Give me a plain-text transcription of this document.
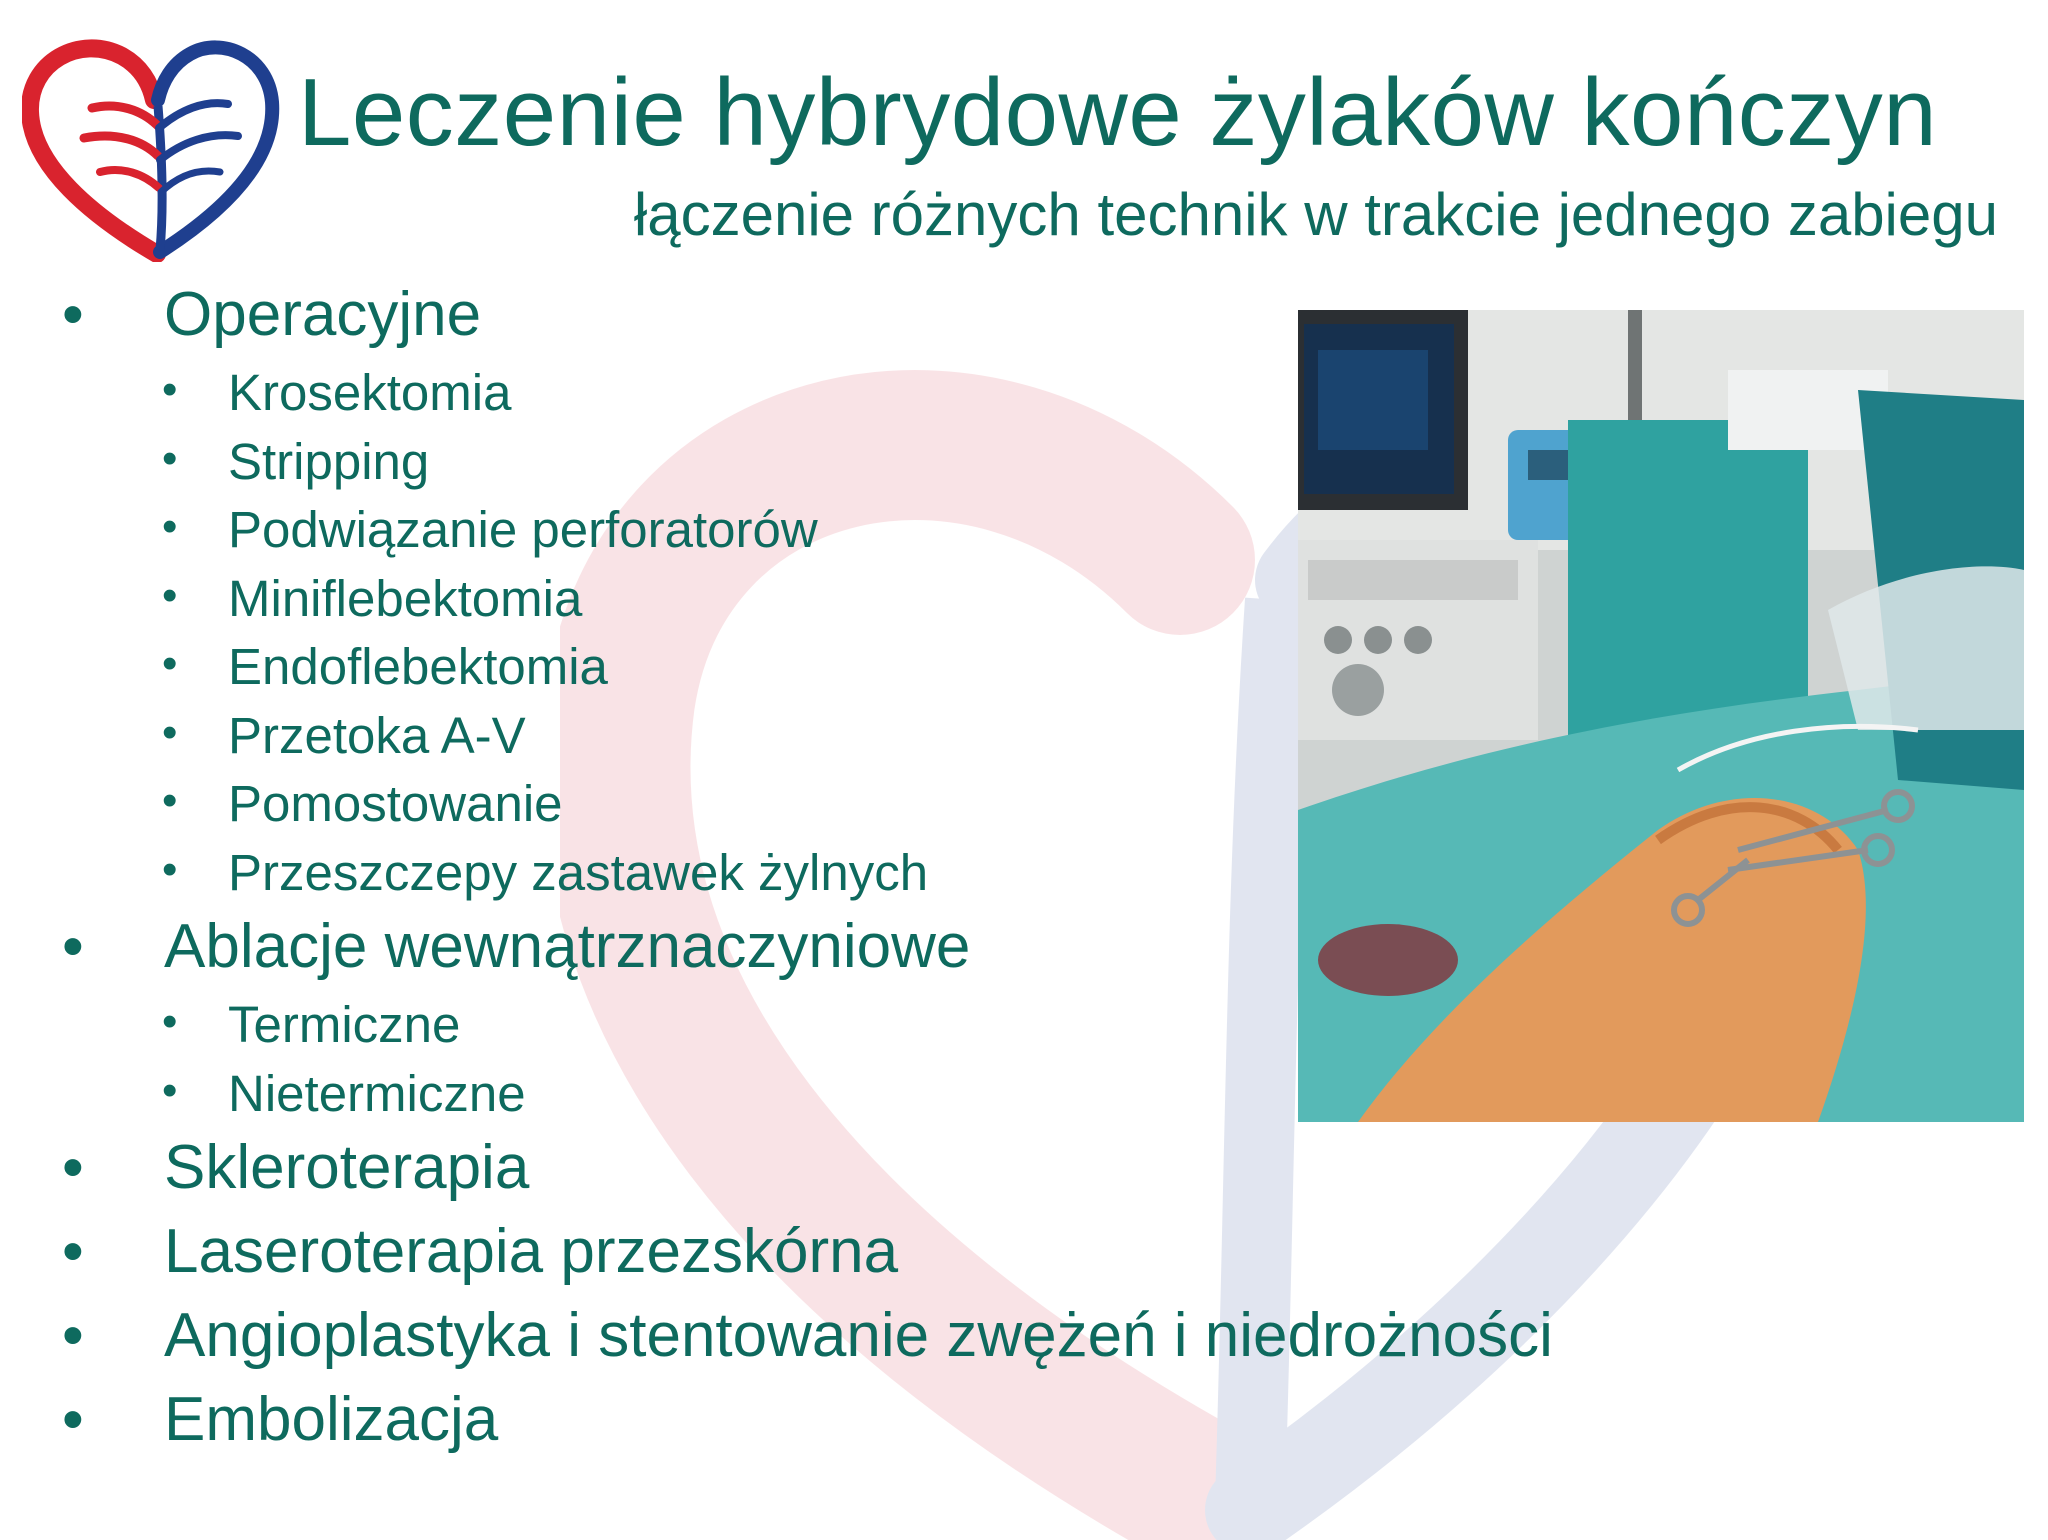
Leczenie hybrydowe żylaków kończyn
łączenie różnych technik w trakcie jednego zabiegu
• Operacyjne
• Krosektomia
• Stripping
• Podwiązanie perforatorów
• Miniflebektomia
• Endoflebektomia
• Przetoka A-V
• Pomostowanie
• Przeszczepy zastawek żylnych
• Ablacje wewnątrznaczyniowe
• Termiczne
• Nietermiczne
• Skleroterapia
• Laseroterapia przezskórna
• Angioplastyka i stentowanie zwężeń i niedrożności
• Embolizacja
